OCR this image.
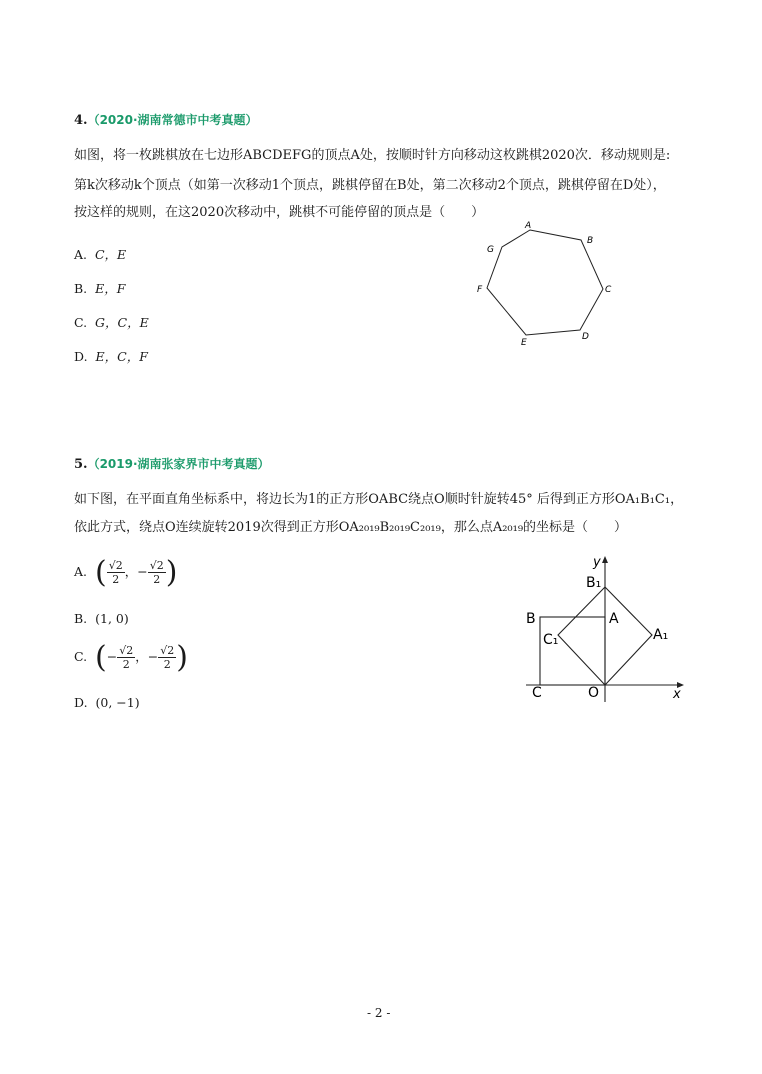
4.（2020·湖南常德市中考真题）
如图，将一枚跳棋放在七边形ABCDEFG的顶点A处，按顺时针方向移动这枚跳棋2020次．移动规则是:
第k次移动k个顶点（如第一次移动1个顶点，跳棋停留在B处，第二次移动2个顶点，跳棋停留在D处），
按这样的规则，在这2020次移动中，跳棋不可能停留的顶点是（　　）
A. C，E
B. E，F
C. G，C，E
D. E，C，F
A
B
C
D
E
F
G
5.（2019·湖南张家界市中考真题）
如下图，在平面直角坐标系中，将边长为1的正方形OABC绕点O顺时针旋转45° 后得到正方形OA₁B₁C₁，
依此方式，绕点O连续旋转2019次得到正方形OA₂₀₁₉B₂₀₁₉C₂₀₁₉，那么点A₂₀₁₉的坐标是（　　）
A. ( $\frac{√2}{2}$ ，− $\frac{√2}{2}$ )
B. (1, 0)
C. (− $\frac{√2}{2}$ ，− $\frac{√2}{2}$ )
D. (0, −1)
y
x
B₁
A
B
C₁	A₁
C	O
- 2 -
